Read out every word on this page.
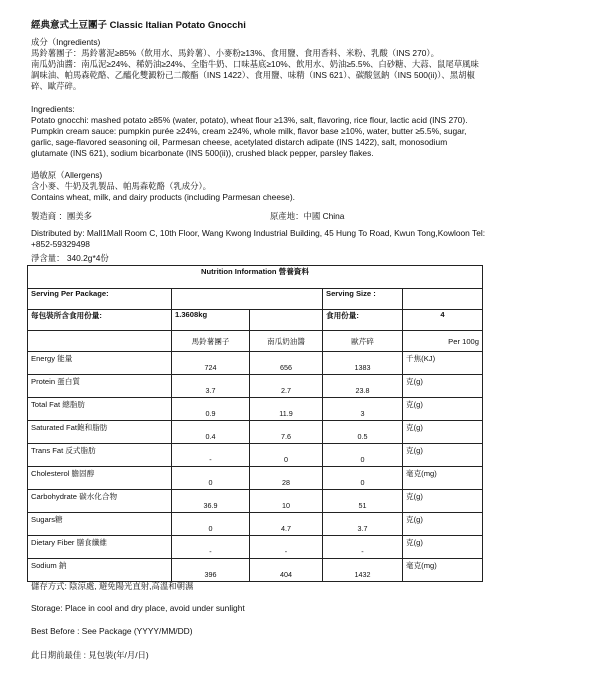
經典意式土豆團子 Classic Italian Potato Gnocchi
成分（Ingredients)
馬鈴薯團子：馬鈴薯泥≥85%（飲用水、馬鈴薯）、小麥粉≥13%、食用鹽、食用香料、米粉、乳酸（INS 270）。
南瓜奶油醬：南瓜泥≥24%、稀奶油≥24%、全脂牛奶、口味基底≥10%、飲用水、奶油≥5.5%、白砂糖、大蒜、鼠尾草風味
調味油、帕馬森乾酪、乙醯化雙澱粉己二酸酯（INS 1422）、食用鹽、味精（INS 621）、碳酸氫鈉（INS 500(ii)）、黑胡椒
碎、歐芹碎。
Ingredients:
Potato gnocchi: mashed potato ≥85% (water, potato), wheat flour ≥13%, salt, flavoring, rice flour, lactic acid (INS 270).
Pumpkin cream sauce: pumpkin purée ≥24%, cream ≥24%, whole milk, flavor base ≥10%, water, butter ≥5.5%, sugar,
garlic, sage-flavored seasoning oil, Parmesan cheese, acetylated distarch adipate (INS 1422), salt, monosodium
glutamate (INS 621), sodium bicarbonate (INS 500(ii)), crushed black pepper, parsley flakes.
過敏原（Allergens)
含小麥、牛奶及乳製品、帕馬森乾酪（乳成分）。
Contains wheat, milk, and dairy products (including Parmesan cheese).
製造商 ：團美多	原產地：中國 China
Distributed by: Mall1Mall Room C, 10th Floor, Wang Kwong Industrial Building, 45 Hung To Road, Kwun Tong,Kowloon Tel:
+852-59329498
淨含量： 340.2g*4份
Nutrition Information 營養資料				
Serving Per Package:			Serving Size :	
每包裝所含食用份量:	1.3608kg		食用份量:	4
	馬鈴薯團子	南瓜奶油醬	歐芹碎	Per 100g
Energy 能量	724	656	1383	千焦(KJ)
Protein 蛋白質	3.7	2.7	23.8	克(g)
Total Fat 總脂肪	0.9	11.9	3	克(g)
Saturated Fat飽和脂肪	0.4	7.6	0.5	克(g)
Trans Fat 反式脂肪	-	0	0	克(g)
Cholesterol 膽固醇	0	28	0	毫克(mg)
Carbohydrate 碳水化合物	36.9	10	51	克(g)
Sugars糖	0	4.7	3.7	克(g)
Dietary Fiber 膳食纖維	-	-	-	克(g)
Sodium 鈉	396	404	1432	毫克(mg)
儲存方式: 陰涼處, 避免陽光直射,高溫和朝濕
Storage: Place in cool and dry place, avoid under sunlight
Best Before : See Package (YYYY/MM/DD)
此日期前最佳 : 見包裝(年/月/日)
